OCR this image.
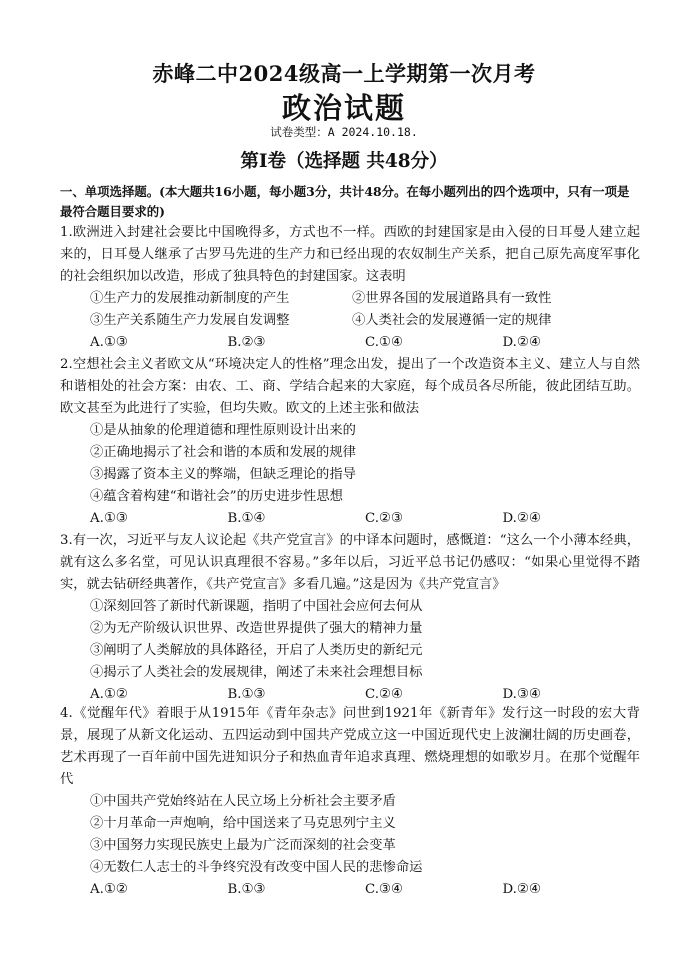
赤峰二中2024级高一上学期第一次月考
政治试题
试卷类型：A 2024.10.18.
第Ⅰ卷（选择题 共48分）
一、单项选择题。(本大题共16小题，每小题3分，共计48分。在每小题列出的四个选项中，只有一项是最符合题目要求的)
1.欧洲进入封建社会要比中国晚得多，方式也不一样。西欧的封建国家是由入侵的日耳曼人建立起来的，日耳曼人继承了古罗马先进的生产力和已经出现的农奴制生产关系，把自己原先高度军事化的社会组织加以改造，形成了独具特色的封建国家。这表明
①生产力的发展推动新制度的产生	②世界各国的发展道路具有一致性
③生产关系随生产力发展自发调整	④人类社会的发展遵循一定的规律
A.①③	B.②③	C.①④	D.②④
2.空想社会主义者欧文从“环境决定人的性格”理念出发，提出了一个改造资本主义、建立人与自然和谐相处的社会方案：由农、工、商、学结合起来的大家庭，每个成员各尽所能，彼此团结互助。欧文甚至为此进行了实验，但均失败。欧文的上述主张和做法
①是从抽象的伦理道德和理性原则设计出来的
②正确地揭示了社会和谐的本质和发展的规律
③揭露了资本主义的弊端，但缺乏理论的指导
④蕴含着构建“和谐社会”的历史进步性思想
A.①③	B.①④	C.②③	D.②④
3.有一次，习近平与友人议论起《共产党宣言》的中译本问题时，感慨道：“这么一个小薄本经典，就有这么多名堂，可见认识真理很不容易。”多年以后，习近平总书记仍感叹：“如果心里觉得不踏实，就去钻研经典著作，《共产党宣言》多看几遍。”这是因为《共产党宣言》
①深刻回答了新时代新课题，指明了中国社会应何去何从
②为无产阶级认识世界、改造世界提供了强大的精神力量
③阐明了人类解放的具体路径，开启了人类历史的新纪元
④揭示了人类社会的发展规律，阐述了未来社会理想目标
A.①②	B.①③	C.②④	D.③④
4.《觉醒年代》着眼于从1915年《青年杂志》问世到1921年《新青年》发行这一时段的宏大背景，展现了从新文化运动、五四运动到中国共产党成立这一中国近现代史上波澜壮阔的历史画卷，艺术再现了一百年前中国先进知识分子和热血青年追求真理、燃烧理想的如歌岁月。在那个觉醒年代
①中国共产党始终站在人民立场上分析社会主要矛盾
②十月革命一声炮响，给中国送来了马克思列宁主义
③中国努力实现民族史上最为广泛而深刻的社会变革
④无数仁人志士的斗争终究没有改变中国人民的悲惨命运
A.①②	B.①③	C.③④	D.②④
